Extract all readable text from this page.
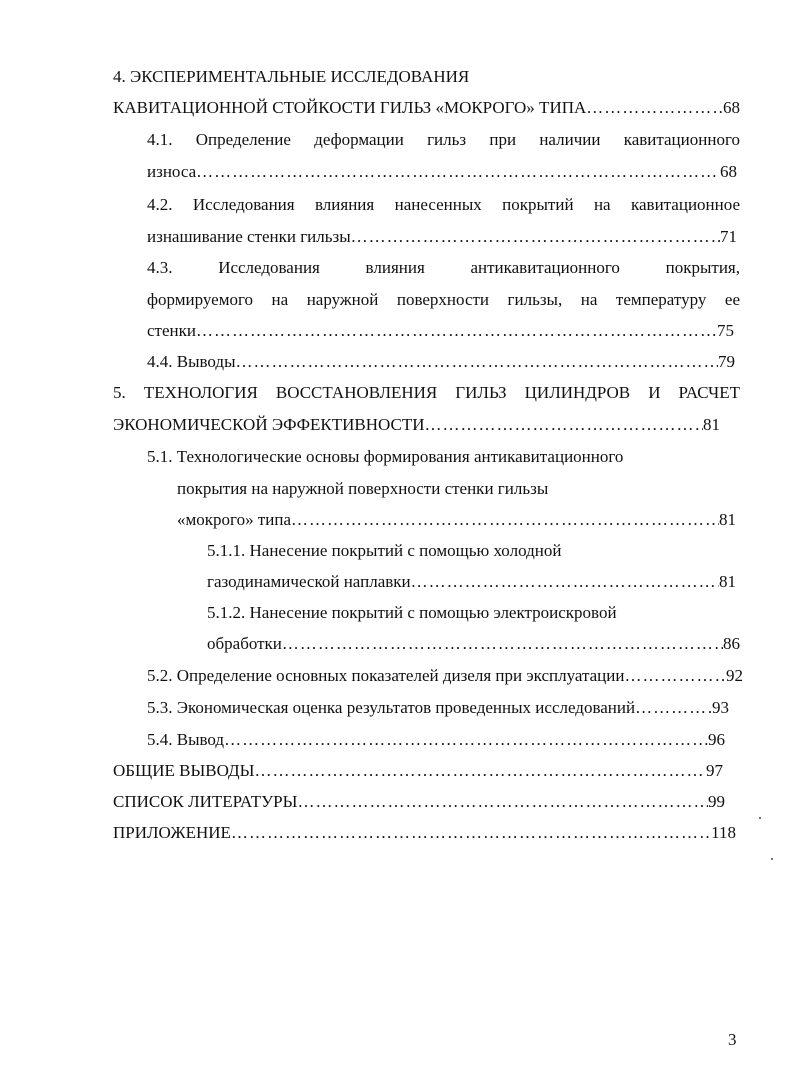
4. ЭКСПЕРИМЕНТАЛЬНЫЕ ИССЛЕДОВАНИЯ
КАВИТАЦИОННОЙ СТОЙКОСТИ ГИЛЬЗ «МОКРОГО» ТИПА ………………………………………………………………………………………………………………………………………………………………………………………………	68
4.1. Определение деформации гильз при наличии кавитационного
износа ………………………………………………………………………………………………………………………………………………………………………………………………	68
4.2. Исследования влияния нанесенных покрытий на кавитационное
изнашивание стенки гильзы ………………………………………………………………………………………………………………………………………………………………………………………………	71
4.3. Исследования влияния антикавитационного покрытия,
формируемого на наружной поверхности гильзы, на температуру ее
стенки ………………………………………………………………………………………………………………………………………………………………………………………………	75
4.4. Выводы ………………………………………………………………………………………………………………………………………………………………………………………………	79
5. ТЕХНОЛОГИЯ ВОССТАНОВЛЕНИЯ ГИЛЬЗ ЦИЛИНДРОВ И РАСЧЕТ
ЭКОНОМИЧЕСКОЙ ЭФФЕКТИВНОСТИ ………………………………………………………………………………………………………………………………………………………………………………………………	81
5.1. Технологические основы формирования антикавитационного
покрытия на наружной поверхности стенки гильзы
«мокрого» типа ………………………………………………………………………………………………………………………………………………………………………………………………	81
5.1.1. Нанесение покрытий с помощью холодной
газодинамической наплавки ………………………………………………………………………………………………………………………………………………………………………………………………	81
5.1.2. Нанесение покрытий с помощью электроискровой
обработки ………………………………………………………………………………………………………………………………………………………………………………………………	86
5.2. Определение основных показателей дизеля при эксплуатации ………………………………………………………………………………………………………………………………………………………………………………………………	92
5.3. Экономическая оценка результатов проведенных исследований ………………………………………………………………………………………………………………………………………………………………………………………………	93
5.4. Вывод ………………………………………………………………………………………………………………………………………………………………………………………………	96
ОБЩИЕ ВЫВОДЫ ………………………………………………………………………………………………………………………………………………………………………………………………	97
СПИСОК ЛИТЕРАТУРЫ ………………………………………………………………………………………………………………………………………………………………………………………………	99
ПРИЛОЖЕНИЕ ………………………………………………………………………………………………………………………………………………………………………………………………	118
3
